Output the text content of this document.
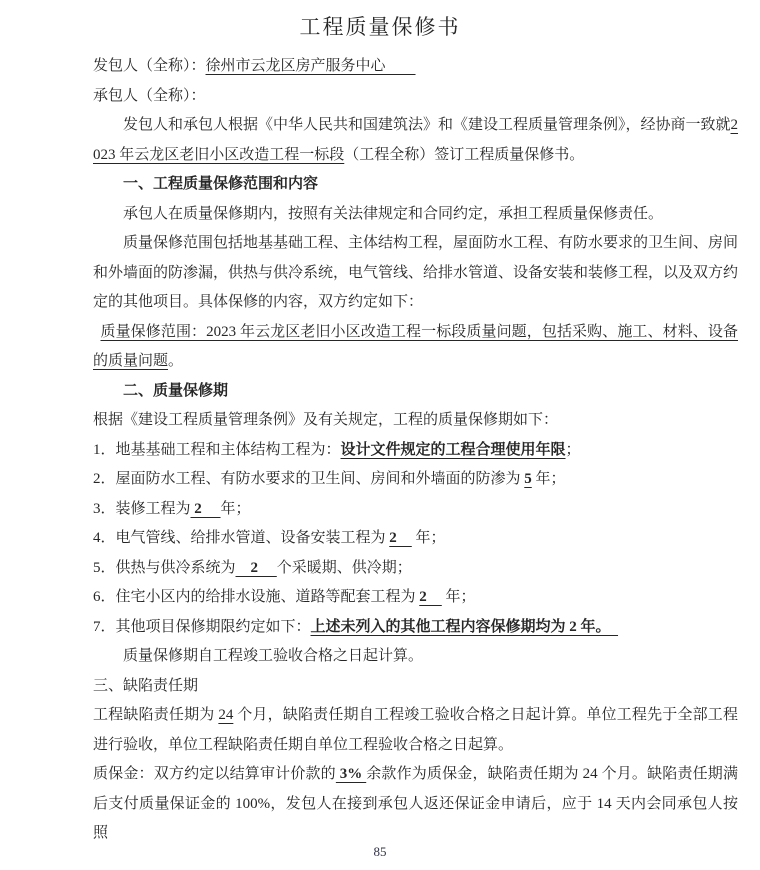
工程质量保修书

发包人（全称）：徐州市云龙区房产服务中心　　

承包人（全称）：

发包人和承包人根据《中华人民共和国建筑法》和《建设工程质量管理条例》，经协商一致就2023 年云龙区老旧小区改造工程一标段（工程全称）签订工程质量保修书。

一、工程质量保修范围和内容

承包人在质量保修期内，按照有关法律规定和合同约定，承担工程质量保修责任。

质量保修范围包括地基基础工程、主体结构工程，屋面防水工程、有防水要求的卫生间、房间和外墙面的防渗漏，供热与供冷系统，电气管线、给排水管道、设备安装和装修工程，以及双方约定的其他项目。具体保修的内容，双方约定如下：

质量保修范围：2023 年云龙区老旧小区改造工程一标段质量问题，包括采购、施工、材料、设备的质量问题。

二、质量保修期

根据《建设工程质量管理条例》及有关规定，工程的质量保修期如下：

1．地基基础工程和主体结构工程为：设计文件规定的工程合理使用年限；

2．屋面防水工程、有防水要求的卫生间、房间和外墙面的防渗为 5 年；

3．装修工程为 2　 年；

4．电气管线、给排水管道、设备安装工程为 2　 年；

5．供热与供冷系统为　2　 个采暖期、供冷期；

6．住宅小区内的给排水设施、道路等配套工程为 2　 年；

7．其他项目保修期限约定如下：上述未列入的其他工程内容保修期均为 2 年。　

质量保修期自工程竣工验收合格之日起计算。

三、缺陷责任期

工程缺陷责任期为 24 个月，缺陷责任期自工程竣工验收合格之日起计算。单位工程先于全部工程进行验收，单位工程缺陷责任期自单位工程验收合格之日起算。

质保金：双方约定以结算审计价款的 3% 余款作为质保金，缺陷责任期为 24 个月。缺陷责任期满后支付质量保证金的 100%，发包人在接到承包人返还保证金申请后，应于 14 天内会同承包人按照

85
